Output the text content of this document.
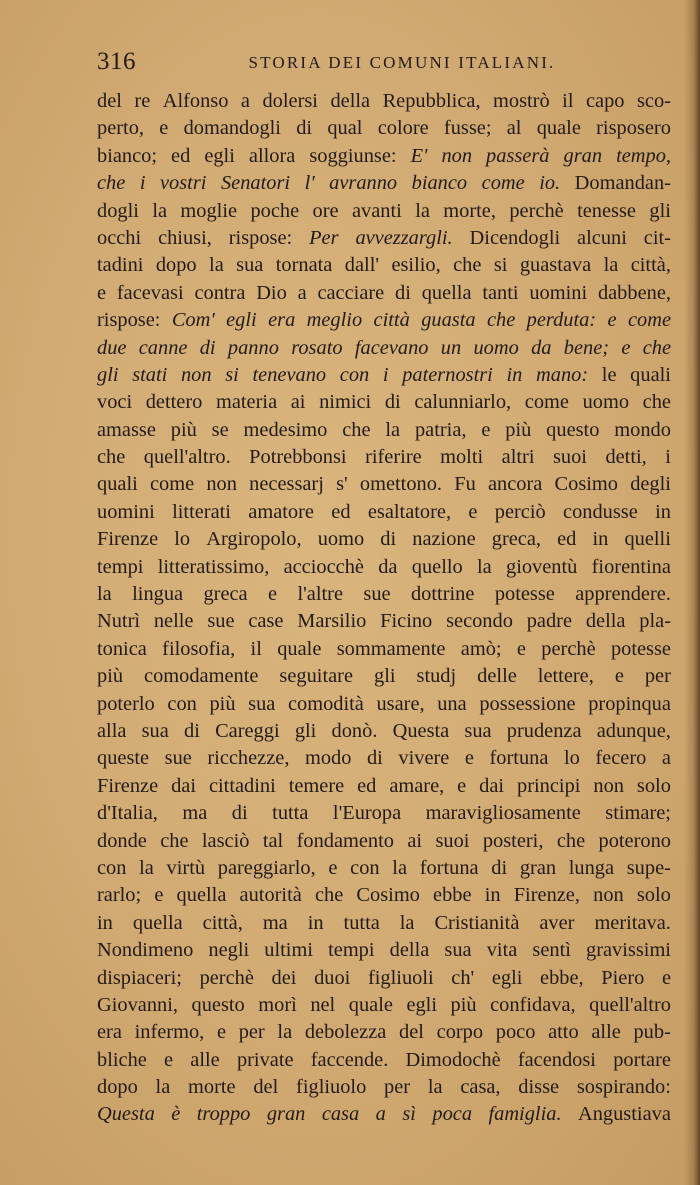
316	STORIA DEI COMUNI ITALIANI.
del re Alfonso a dolersi della Repubblica, mostrò il capo sco-
perto, e domandogli di qual colore fusse; al quale risposero
bianco; ed egli allora soggiunse: E' non passerà gran tempo,
che i vostri Senatori l' avranno bianco come io. Domandan-
dogli la moglie poche ore avanti la morte, perchè tenesse gli
occhi chiusi, rispose: Per avvezzargli. Dicendogli alcuni cit-
tadini dopo la sua tornata dall' esilio, che si guastava la città,
e facevasi contra Dio a cacciare di quella tanti uomini dabbene,
rispose: Com' egli era meglio città guasta che perduta: e come
due canne di panno rosato facevano un uomo da bene; e che
gli stati non si tenevano con i paternostri in mano: le quali
voci dettero materia ai nimici di calunniarlo, come uomo che
amasse più se medesimo che la patria, e più questo mondo
che quell'altro. Potrebbonsi riferire molti altri suoi detti, i
quali come non necessarj s' omettono. Fu ancora Cosimo degli
uomini litterati amatore ed esaltatore, e perciò condusse in
Firenze lo Argiropolo, uomo di nazione greca, ed in quelli
tempi litteratissimo, acciocchè da quello la gioventù fiorentina
la lingua greca e l'altre sue dottrine potesse apprendere.
Nutrì nelle sue case Marsilio Ficino secondo padre della pla-
tonica filosofia, il quale sommamente amò; e perchè potesse
più comodamente seguitare gli studj delle lettere, e per
poterlo con più sua comodità usare, una possessione propinqua
alla sua di Careggi gli donò. Questa sua prudenza adunque,
queste sue ricchezze, modo di vivere e fortuna lo fecero a
Firenze dai cittadini temere ed amare, e dai principi non solo
d'Italia, ma di tutta l'Europa maravigliosamente stimare;
donde che lasciò tal fondamento ai suoi posteri, che poterono
con la virtù pareggiarlo, e con la fortuna di gran lunga supe-
rarlo; e quella autorità che Cosimo ebbe in Firenze, non solo
in quella città, ma in tutta la Cristianità aver meritava.
Nondimeno negli ultimi tempi della sua vita sentì gravissimi
dispiaceri; perchè dei duoi figliuoli ch' egli ebbe, Piero e
Giovanni, questo morì nel quale egli più confidava, quell'altro
era infermo, e per la debolezza del corpo poco atto alle pub-
bliche e alle private faccende. Dimodochè facendosi portare
dopo la morte del figliuolo per la casa, disse sospirando:
Questa è troppo gran casa a sì poca famiglia. Angustiava
